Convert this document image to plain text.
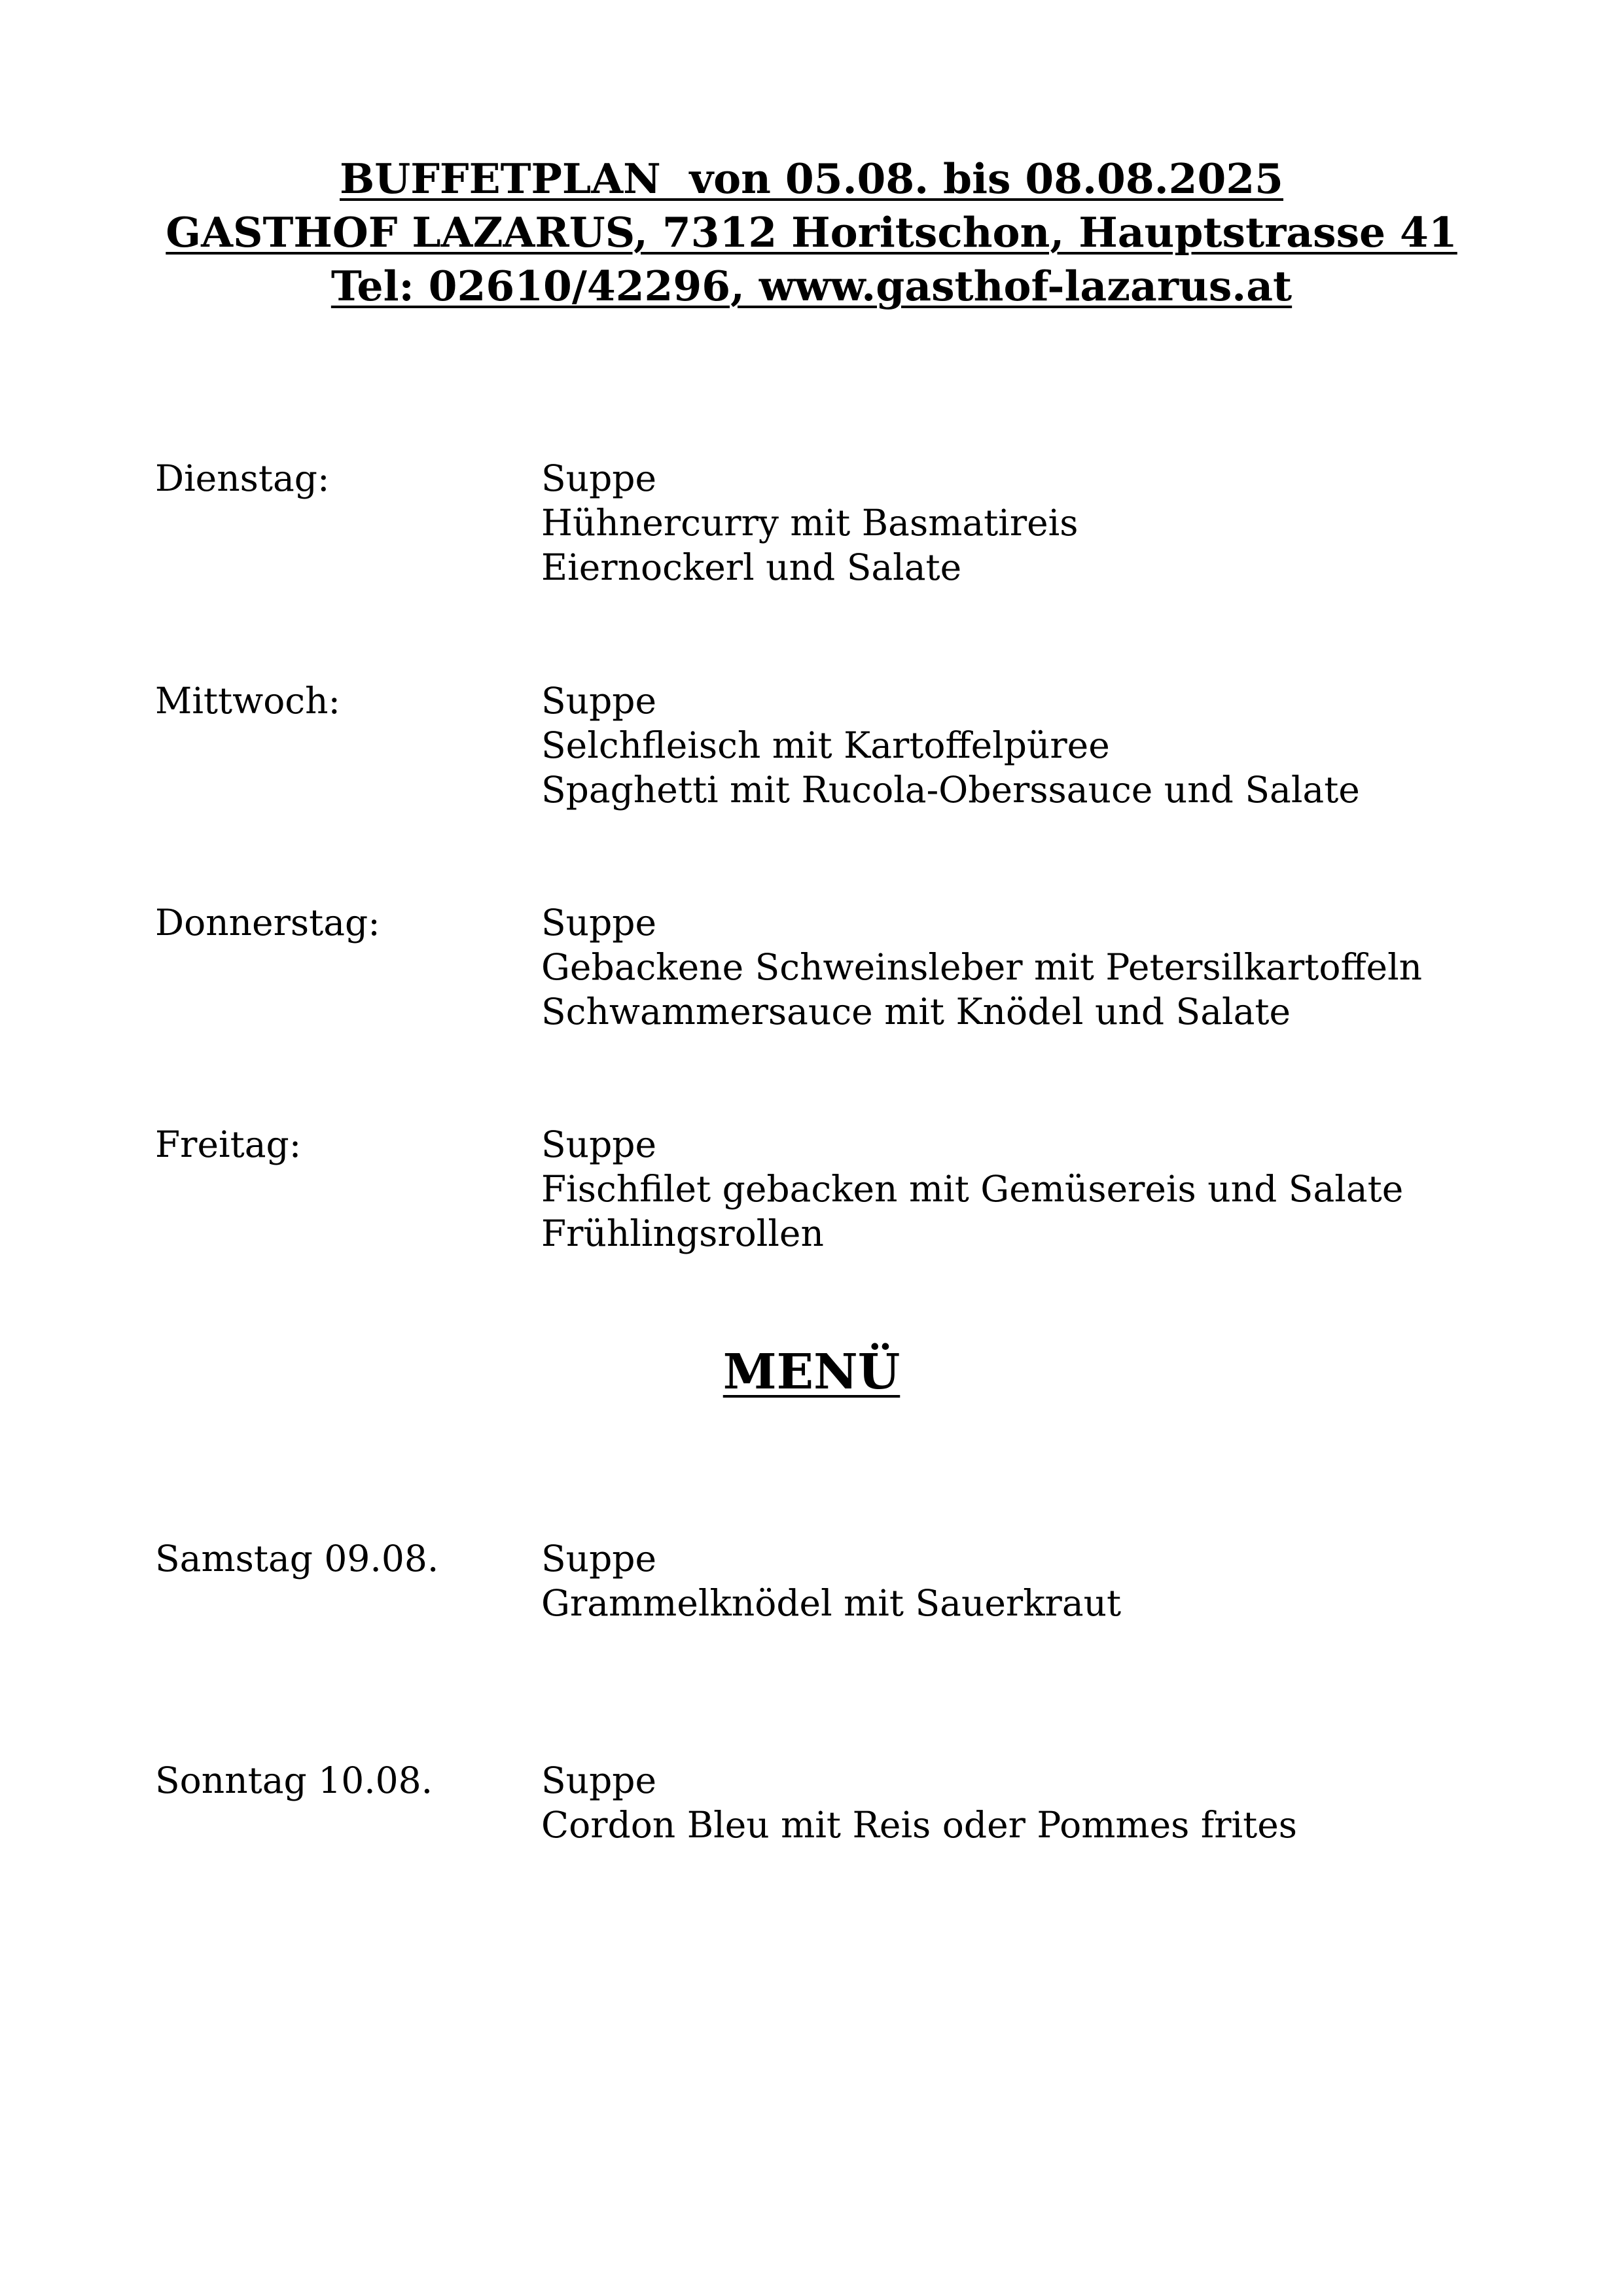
BUFFETPLAN  von 05.08. bis 08.08.2025
GASTHOF LAZARUS, 7312 Horitschon, Hauptstrasse 41
Tel: 02610/42296, www.gasthof-lazarus.at
Dienstag:	Suppe
Hühnercurry mit Basmatireis
Eiernockerl und Salate
Mittwoch:	Suppe
Selchfleisch mit Kartoffelpüree
Spaghetti mit Rucola-Oberssauce und Salate
Donnerstag:	Suppe
Gebackene Schweinsleber mit Petersilkartoffeln
Schwammersauce mit Knödel und Salate
Freitag:	Suppe
Fischfilet gebacken mit Gemüsereis und Salate
Frühlingsrollen
MENÜ
Samstag 09.08.	Suppe
Grammelknödel mit Sauerkraut
Sonntag 10.08.	Suppe
Cordon Bleu mit Reis oder Pommes frites
